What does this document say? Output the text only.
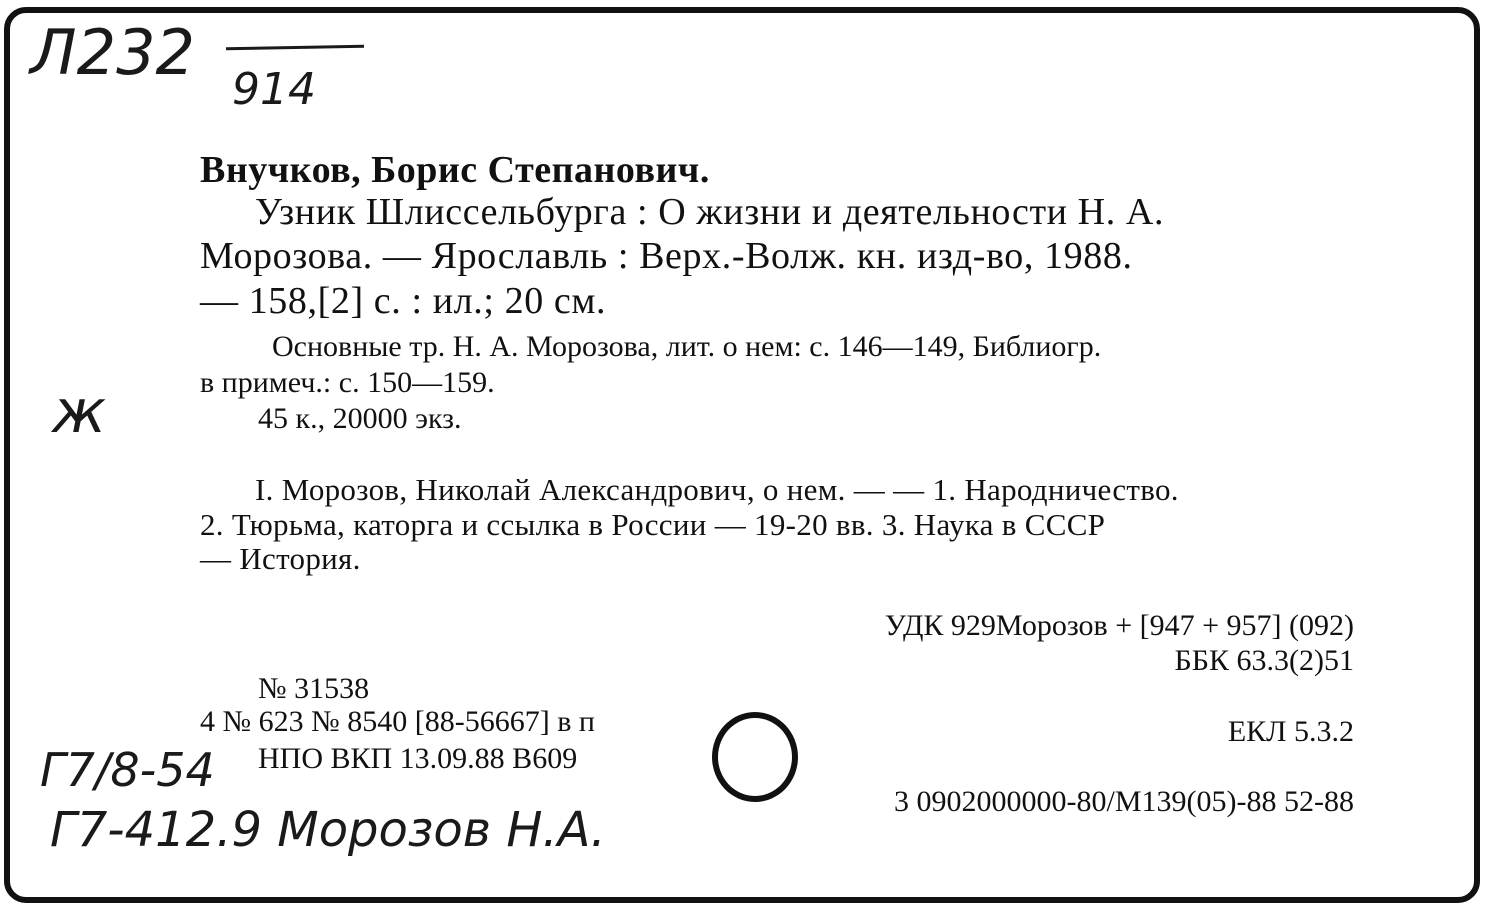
Л232
914
ж
Внучков, Борис Степанович.
Узник Шлиссельбурга : О жизни и деятельности Н. А.
Морозова. — Ярославль : Верх.-Волж. кн. изд-во, 1988.
— 158,[2] с. : ил.; 20 см.
Основные тр. Н. А. Морозова, лит. о нем: с. 146—149, Библиогр.
в примеч.: с. 150—159.
45 к., 20000 экз.
I. Морозов, Николай Александрович, о нем. — — 1. Народничество.
2. Тюрьма, каторга и ссылка в России — 19-20 вв. 3. Наука в СССР
— История.
УДК 929Морозов + [947 + 957] (092)
ББК 63.3(2)51
№ 31538
4 № 623 № 8540 [88-56667] в п	ЕКЛ 5.3.2
НПО ВКП 13.09.88 В609
3 0902000000-80/М139(05)-88 52-88
Г7/8-54
Г7-412.9 Морозов Н.А.
